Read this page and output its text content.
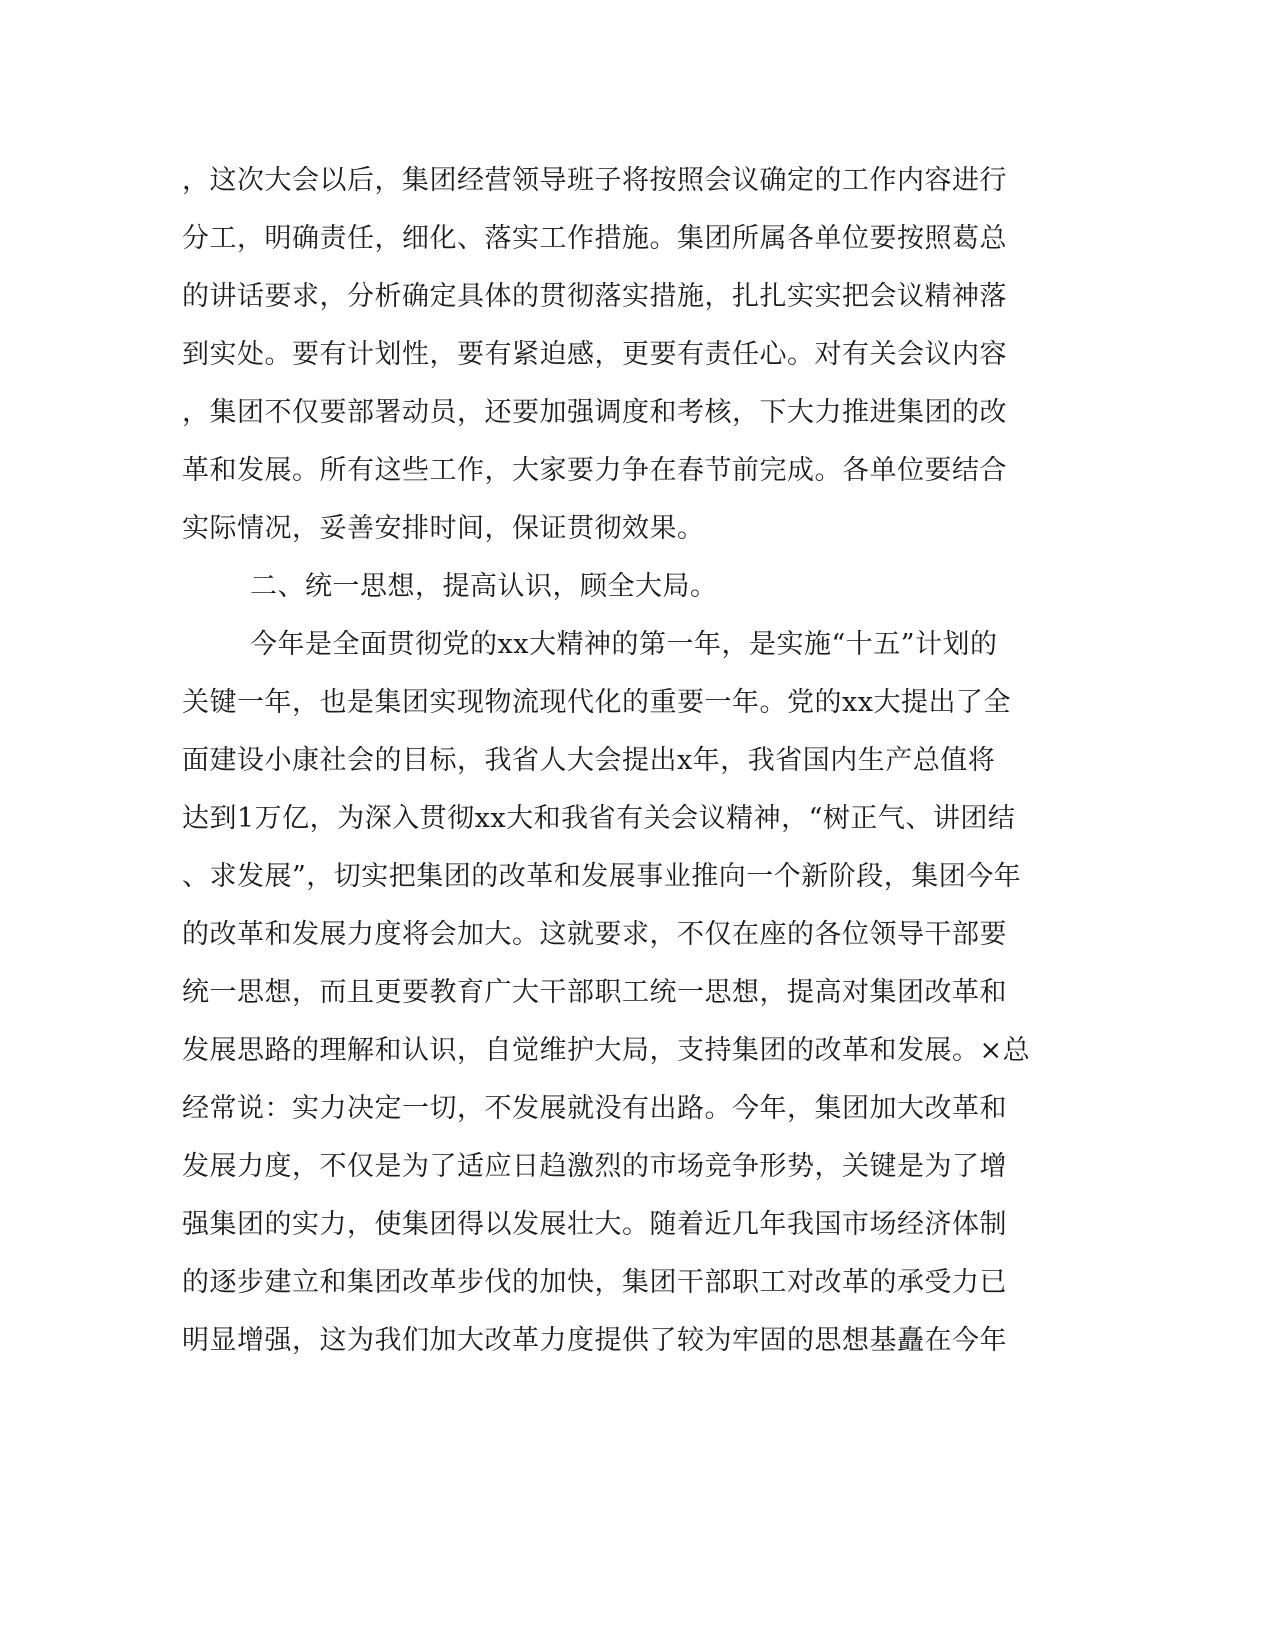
，这次大会以后，集团经营领导班子将按照会议确定的工作内容进行
分工，明确责任，细化、落实工作措施。集团所属各单位要按照葛总
的讲话要求，分析确定具体的贯彻落实措施，扎扎实实把会议精神落
到实处。要有计划性，要有紧迫感，更要有责任心。对有关会议内容
，集团不仅要部署动员，还要加强调度和考核，下大力推进集团的改
革和发展。所有这些工作，大家要力争在春节前完成。各单位要结合
实际情况，妥善安排时间，保证贯彻效果。
二、统一思想，提高认识，顾全大局。
今年是全面贯彻党的xx大精神的第一年，是实施“十五”计划的
关键一年，也是集团实现物流现代化的重要一年。党的xx大提出了全
面建设小康社会的目标，我省人大会提出x年，我省国内生产总值将
达到1万亿，为深入贯彻xx大和我省有关会议精神，“树正气、讲团结
、求发展”，切实把集团的改革和发展事业推向一个新阶段，集团今年
的改革和发展力度将会加大。这就要求，不仅在座的各位领导干部要
统一思想，而且更要教育广大干部职工统一思想，提高对集团改革和
发展思路的理解和认识，自觉维护大局，支持集团的改革和发展。×总
经常说：实力决定一切，不发展就没有出路。今年，集团加大改革和
发展力度，不仅是为了适应日趋激烈的市场竞争形势，关键是为了增
强集团的实力，使集团得以发展壮大。随着近几年我国市场经济体制
的逐步建立和集团改革步伐的加快，集团干部职工对改革的承受力已
明显增强，这为我们加大改革力度提供了较为牢固的思想基矗在今年
